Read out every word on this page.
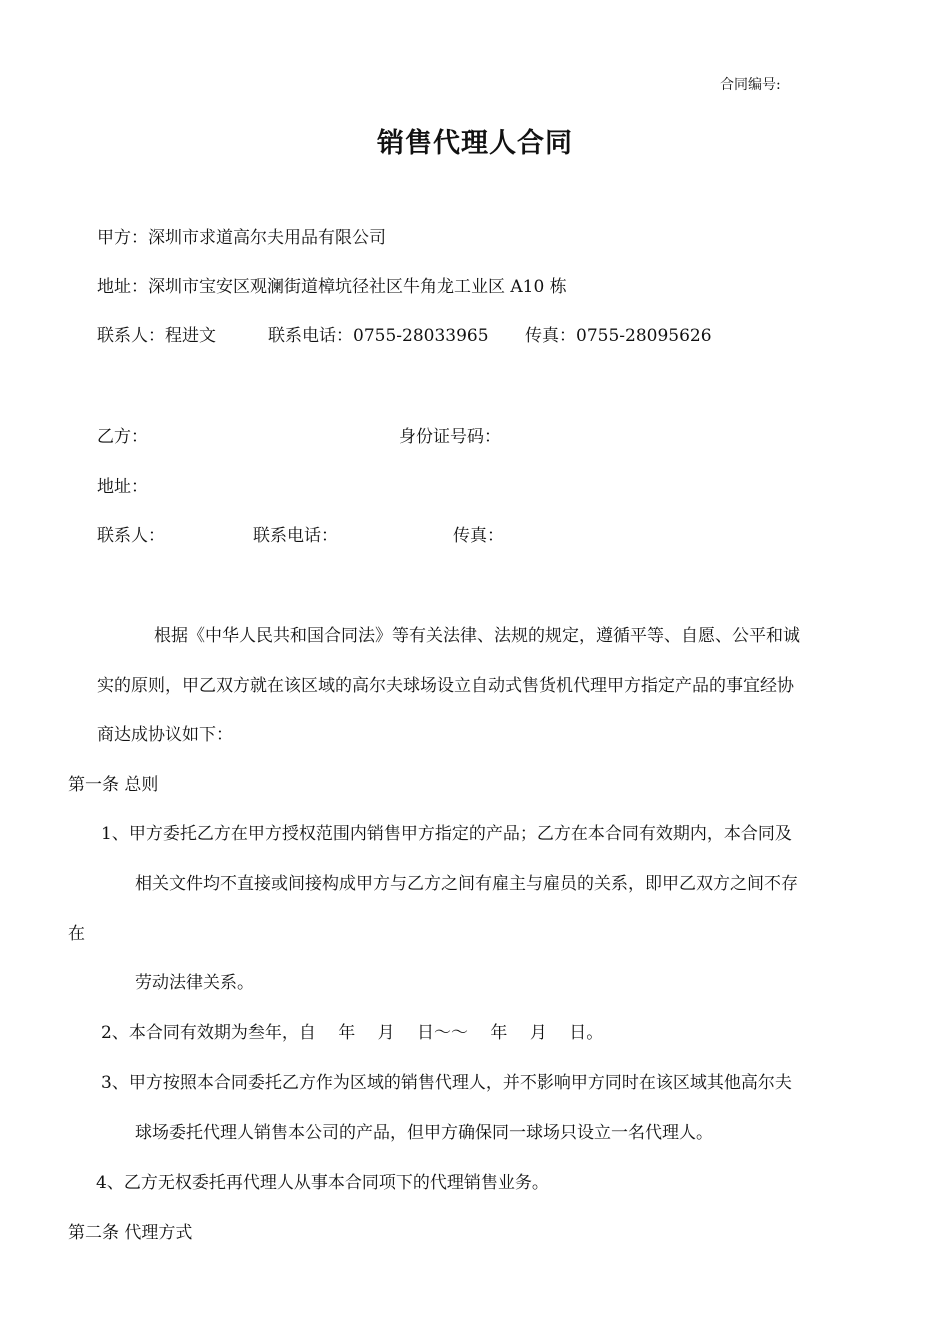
合同编号:
销售代理人合同
甲方：深圳市求道高尔夫用品有限公司
地址：深圳市宝安区观澜街道樟坑径社区牛角龙工业区 A10 栋
联系人：程进文	联系电话：0755-28033965 传真：0755-28095626
乙方：	身份证号码：
地址：
联系人：	联系电话：	传真：
根据《中华人民共和国合同法》等有关法律、法规的规定，遵循平等、自愿、公平和诚
实的原则，甲乙双方就在该区域的高尔夫球场设立自动式售货机代理甲方指定产品的事宜经协
商达成协议如下：
第一条 总则
1、甲方委托乙方在甲方授权范围内销售甲方指定的产品；乙方在本合同有效期内，本合同及
相关文件均不直接或间接构成甲方与乙方之间有雇主与雇员的关系，即甲乙双方之间不存
在
劳动法律关系。
2、本合同有效期为叁年，自　 年　 月　 日～～　 年　 月　 日。
3、甲方按照本合同委托乙方作为区域的销售代理人，并不影响甲方同时在该区域其他高尔夫
球场委托代理人销售本公司的产品，但甲方确保同一球场只设立一名代理人。
4、乙方无权委托再代理人从事本合同项下的代理销售业务。
第二条 代理方式
